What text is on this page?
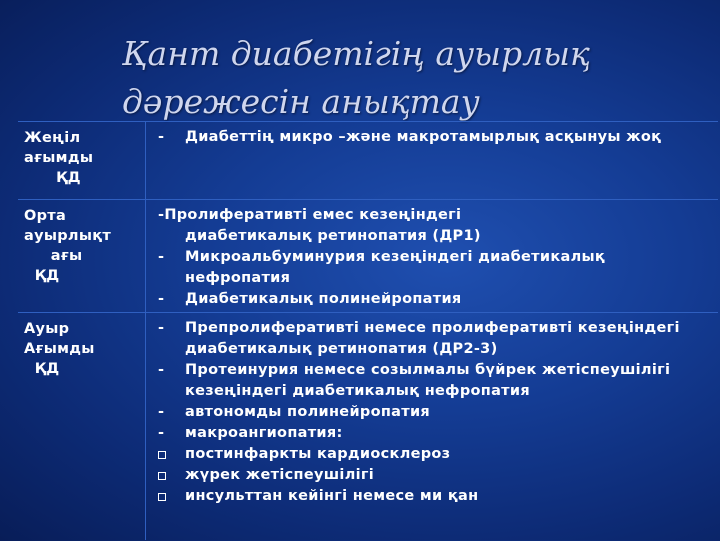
Қант диабетігің ауырлық
дәрежесін анықтау
Жеңіл
ағымды
ҚД
-	Диабеттің микро –және макротамырлық асқынуы жоқ
Орта
ауырлықт
ағы
ҚД
-Пролиферативті емес кезеңіндегі
диабетикалық ретинопатия (ДР1)
-	Микроальбуминурия кезеңіндегі диабетикалық нефропатия
-	Диабетикалық полинейропатия
Ауыр
Ағымды
ҚД
-	Препролиферативті немесе пролиферативті кезеңіндегі диабетикалық ретинопатия (ДР2-3)
-	Протеинурия немесе созылмалы бүйрек жетіспеушілігі кезеңіндегі диабетикалық нефропатия
-	автономды полинейропатия
-	макроангиопатия:
постинфаркты кардиосклероз
жүрек жетіспеушілігі
инсульттан кейінгі немесе ми қан
